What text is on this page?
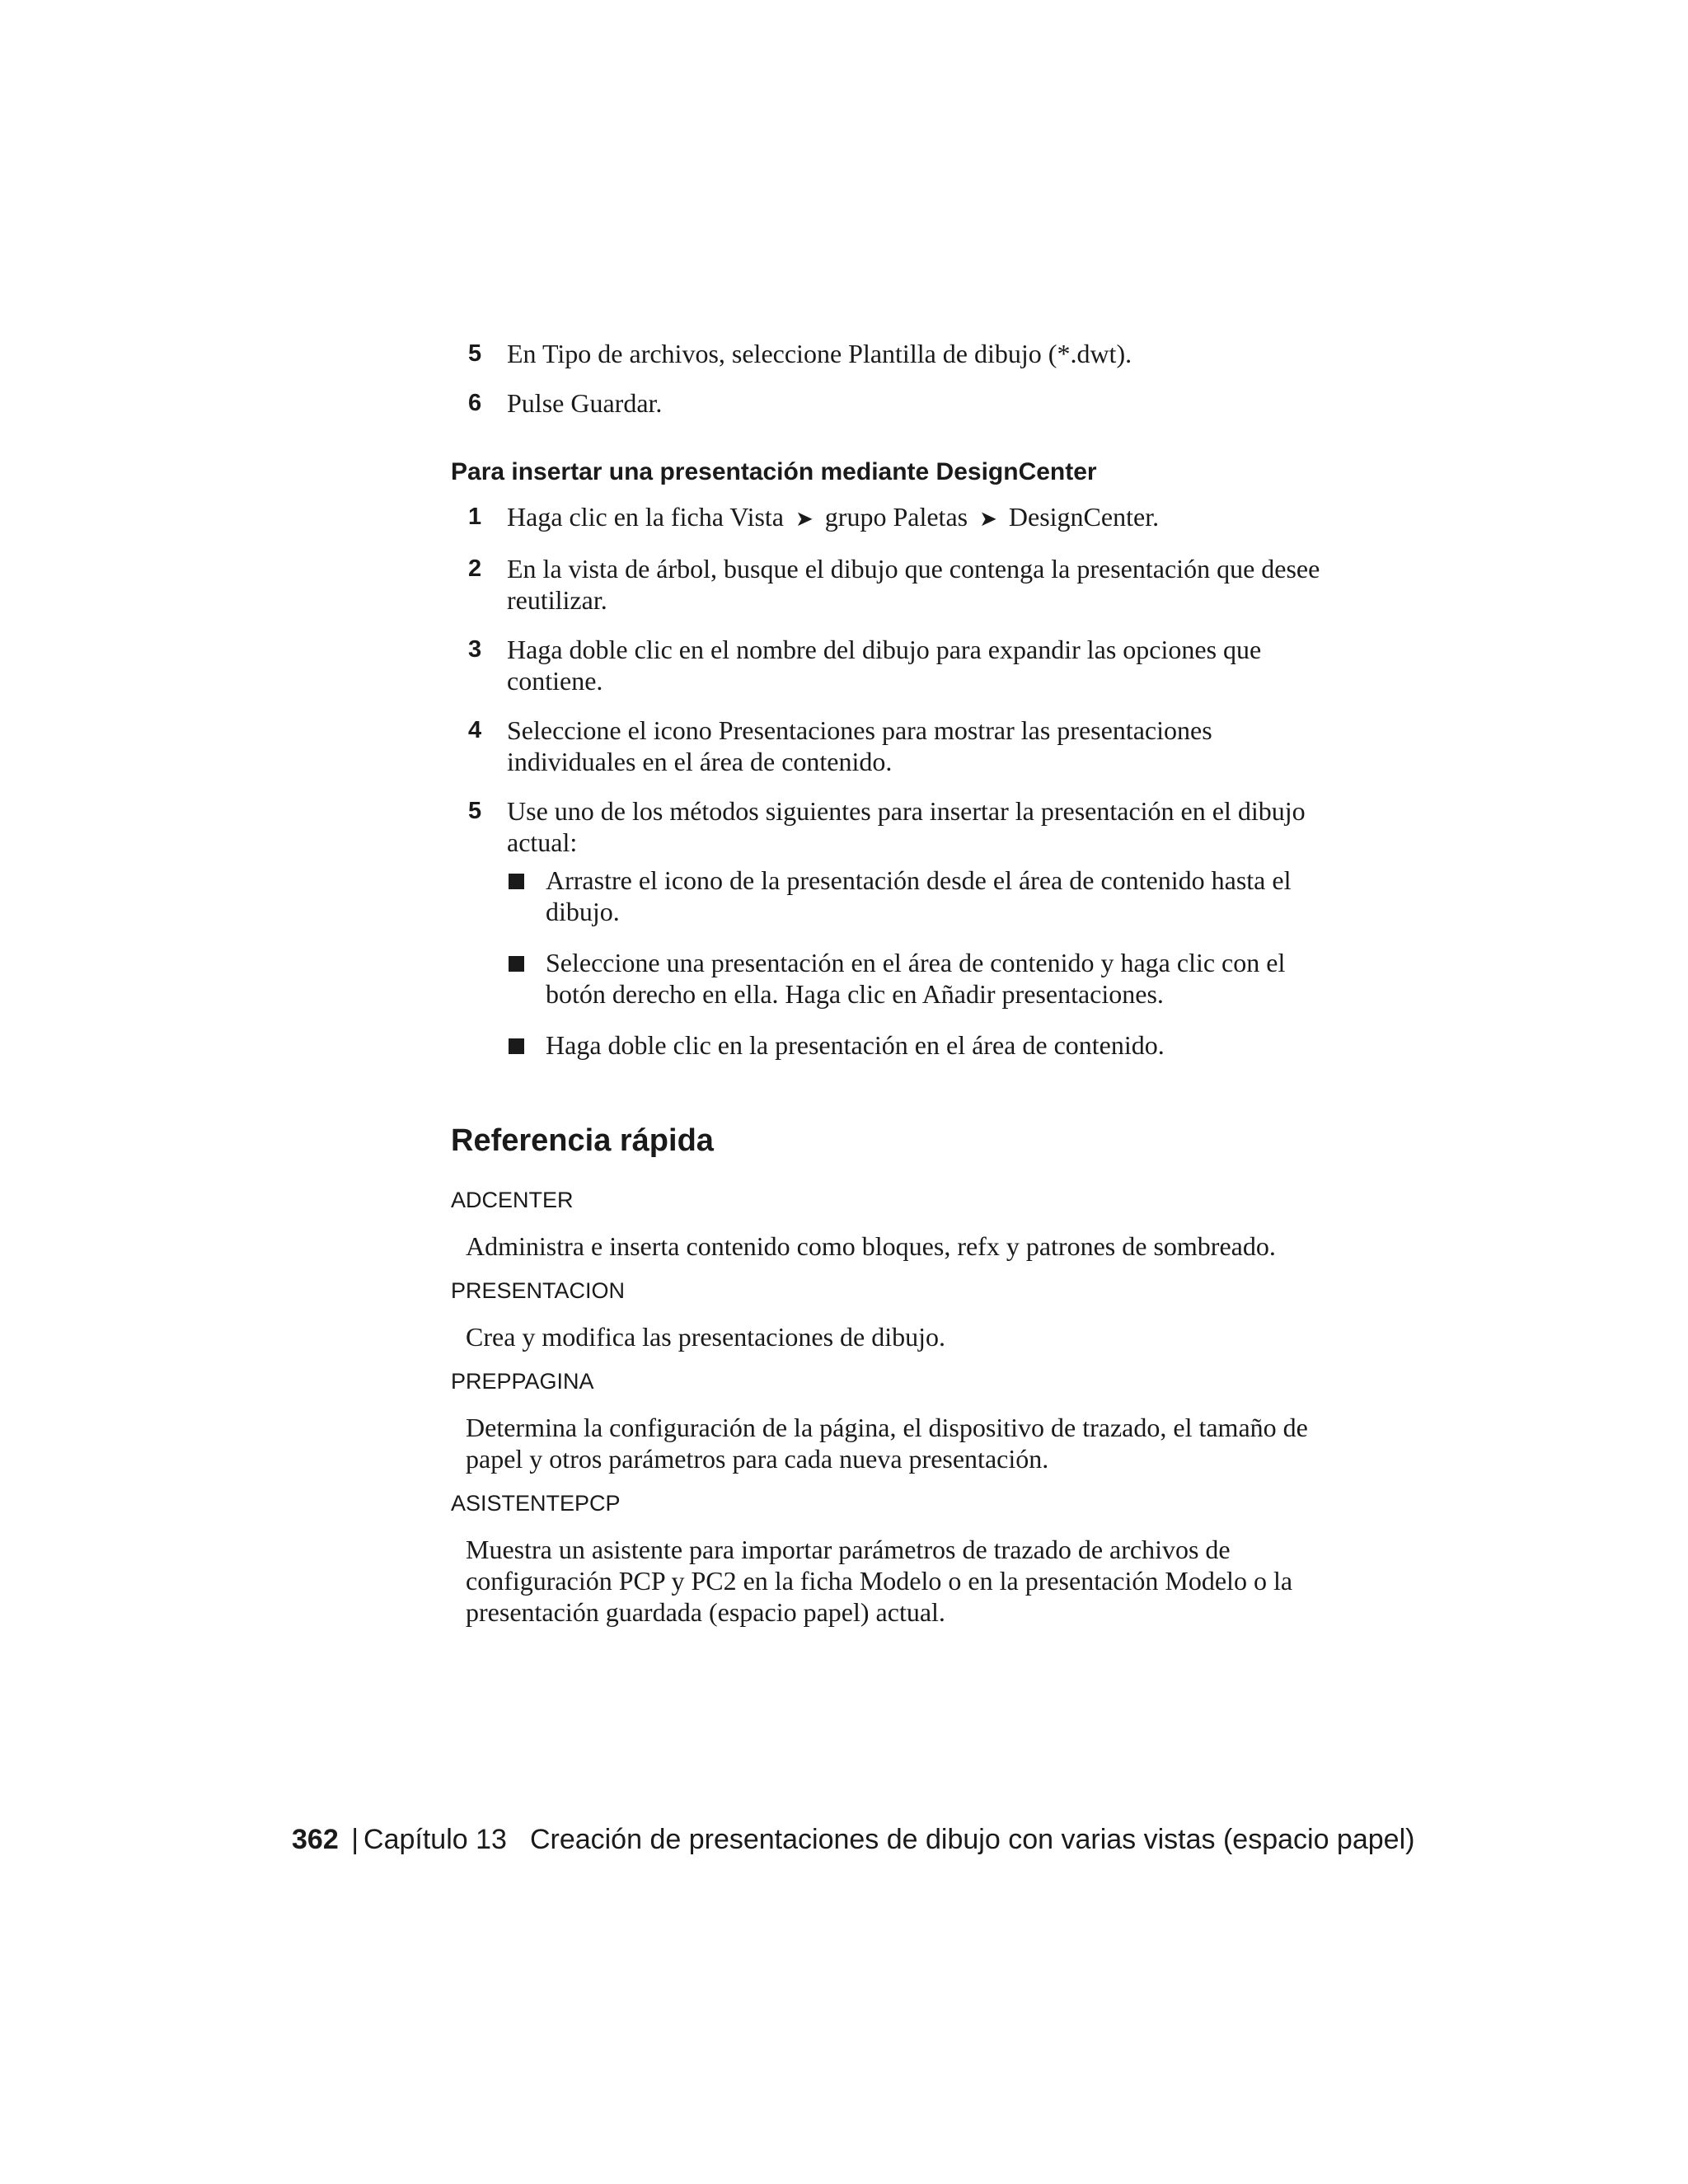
5 En Tipo de archivos, seleccione Plantilla de dibujo (*.dwt).
6 Pulse Guardar.
Para insertar una presentación mediante DesignCenter
1 Haga clic en la ficha Vista ➤ grupo Paletas ➤ DesignCenter.
2 En la vista de árbol, busque el dibujo que contenga la presentación que desee reutilizar.
3 Haga doble clic en el nombre del dibujo para expandir las opciones que contiene.
4 Seleccione el icono Presentaciones para mostrar las presentaciones individuales en el área de contenido.
5 Use uno de los métodos siguientes para insertar la presentación en el dibujo actual:
Arrastre el icono de la presentación desde el área de contenido hasta el dibujo.
Seleccione una presentación en el área de contenido y haga clic con el botón derecho en ella. Haga clic en Añadir presentaciones.
Haga doble clic en la presentación en el área de contenido.
Referencia rápida
ADCENTER
Administra e inserta contenido como bloques, refx y patrones de sombreado.
PRESENTACION
Crea y modifica las presentaciones de dibujo.
PREPPAGINA
Determina la configuración de la página, el dispositivo de trazado, el tamaño de papel y otros parámetros para cada nueva presentación.
ASISTENTEPCP
Muestra un asistente para importar parámetros de trazado de archivos de configuración PCP y PC2 en la ficha Modelo o en la presentación Modelo o la presentación guardada (espacio papel) actual.
362 | Capítulo 13 Creación de presentaciones de dibujo con varias vistas (espacio papel)
